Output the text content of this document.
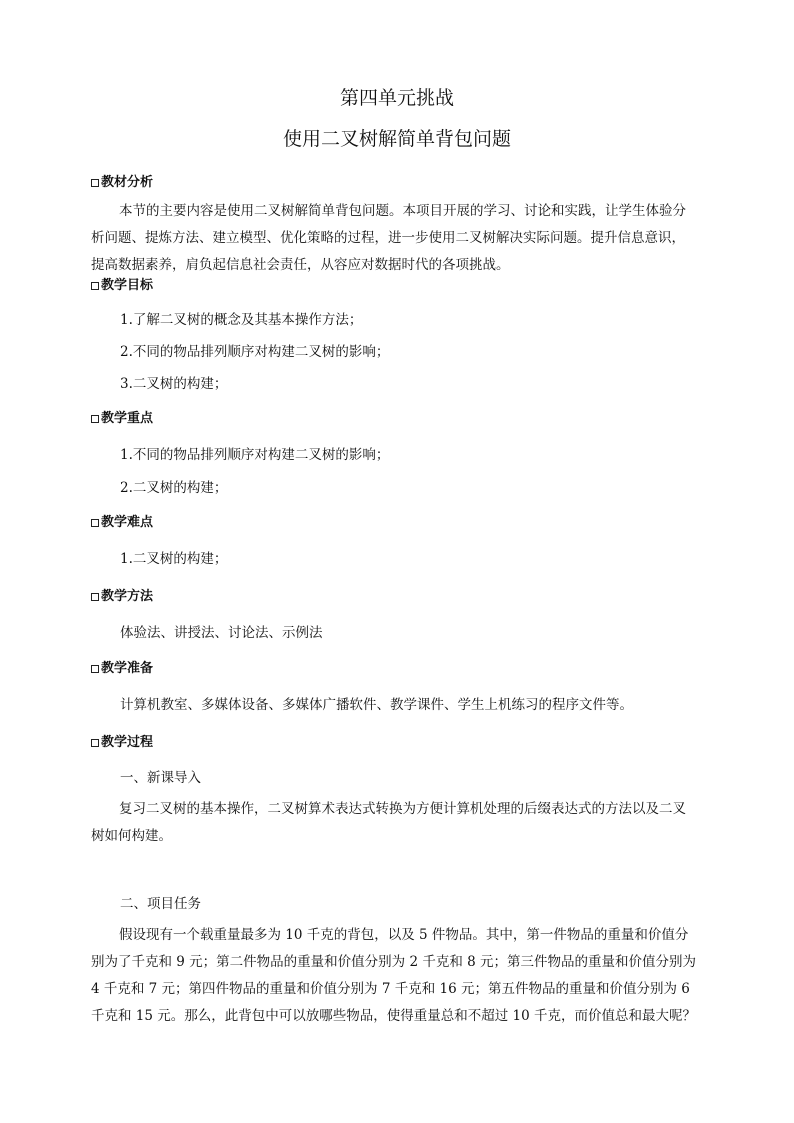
第四单元挑战
使用二叉树解简单背包问题
教材分析
本节的主要内容是使用二叉树解简单背包问题。本项目开展的学习、讨论和实践，让学生体验分
析问题、提炼方法、建立模型、优化策略的过程，进一步使用二叉树解决实际问题。提升信息意识，
提高数据素养，肩负起信息社会责任，从容应对数据时代的各项挑战。
教学目标
1.了解二叉树的概念及其基本操作方法；
2.不同的物品排列顺序对构建二叉树的影响；
3.二叉树的构建；
教学重点
1.不同的物品排列顺序对构建二叉树的影响；
2.二叉树的构建；
教学难点
1.二叉树的构建；
教学方法
体验法、讲授法、讨论法、示例法
教学准备
计算机教室、多媒体设备、多媒体广播软件、教学课件、学生上机练习的程序文件等。
教学过程
一、新课导入
复习二叉树的基本操作，二叉树算术表达式转换为方便计算机处理的后缀表达式的方法以及二叉
树如何构建。
二、项目任务
假设现有一个载重量最多为 10 千克的背包，以及 5 件物品。其中，第一件物品的重量和价值分
别为了千克和 9 元；第二件物品的重量和价值分别为 2 千克和 8 元；第三件物品的重量和价值分别为
4 千克和 7 元；第四件物品的重量和价值分别为 7 千克和 16 元；第五件物品的重量和价值分别为 6
千克和 15 元。那么，此背包中可以放哪些物品，使得重量总和不超过 10 千克，而价值总和最大呢？
